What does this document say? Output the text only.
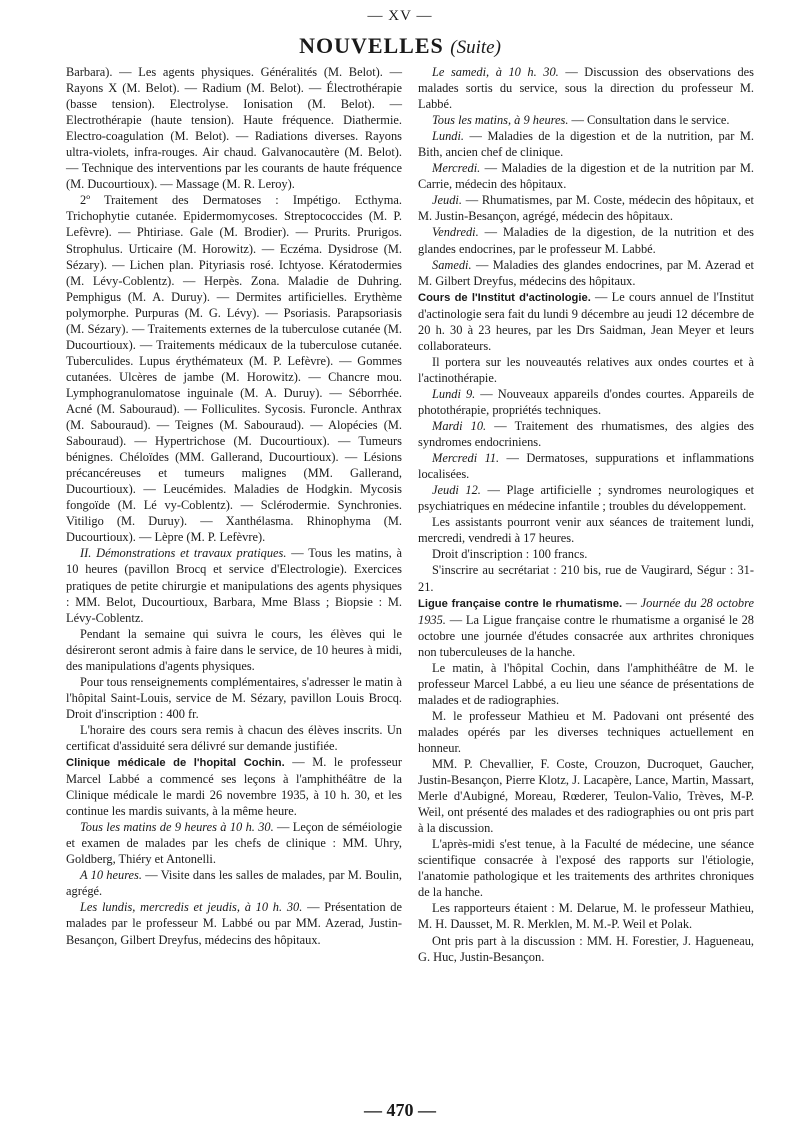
— XV —
NOUVELLES (Suite)

Barbara). — Les agents physiques. Généralités (M. Belot). — Rayons X (M. Belot). — Radium (M. Belot). — Électrothérapie (basse tension). Electrolyse. Ionisation (M. Belot). — Electrothérapie (haute tension). Haute fréquence. Diathermie. Electro-coagulation (M. Belot). — Radiations diverses. Rayons ultra-violets, infra-rouges. Air chaud. Galvanocautère (M. Belot). — Technique des interventions par les courants de haute fréquence (M. Ducourtioux). — Massage (M. R. Leroy).

2º Traitement des Dermatoses : Impétigo. Ecthyma. Trichophytie cutanée. Epidermomycoses. Streptococcides (M. P. Lefèvre). — Phtiriase. Gale (M. Brodier). — Prurits. Prurigos. Strophulus. Urticaire (M. Horowitz). — Eczéma. Dysidrose (M. Sézary). — Lichen plan. Pityriasis rosé. Ichtyose. Kératodermies (M. Lévy-Coblentz). — Herpès. Zona. Maladie de Duhring. Pemphigus (M. A. Duruy). — Dermites artificielles. Erythème polymorphe. Purpuras (M. G. Lévy). — Psoriasis. Parapsoriasis (M. Sézary). — Traitements externes de la tuberculose cutanée (M. Ducourtioux). — Traitements médicaux de la tuberculose cutanée. Tuberculides. Lupus érythémateux (M. P. Lefèvre). — Gommes cutanées. Ulcères de jambe (M. Horowitz). — Chancre mou. Lymphogranulomatose inguinale (M. A. Duruy). — Séborrhée. Acné (M. Sabouraud). — Folliculites. Sycosis. Furoncle. Anthrax (M. Sabouraud). — Teignes (M. Sabouraud). — Alopécies (M. Sabouraud). — Hypertrichose (M. Ducourtioux). — Tumeurs bénignes. Chéloïdes (MM. Gallerand, Ducourtioux). — Lésions précancéreuses et tumeurs malignes (MM. Gallerand, Ducourtioux). — Leucémides. Maladies de Hodgkin. Mycosis fongoïde (M. Lé vy-Coblentz). — Sclérodermie. Synchronies. Vitiligo (M. Duruy). — Xanthélasma. Rhinophyma (M. Ducourtioux). — Lèpre (M. P. Lefèvre).

II. Démonstrations et travaux pratiques. — Tous les matins, à 10 heures (pavillon Brocq et service d'Electrologie). Exercices pratiques de petite chirurgie et manipulations des agents physiques : MM. Belot, Ducourtioux, Barbara, Mme Blass ; Biopsie : M. Lévy-Coblentz.

Pendant la semaine qui suivra le cours, les élèves qui le désireront seront admis à faire dans le service, de 10 heures à midi, des manipulations d'agents physiques.

Pour tous renseignements complémentaires, s'adresser le matin à l'hôpital Saint-Louis, service de M. Sézary, pavillon Louis Brocq. Droit d'inscription : 400 fr.

L'horaire des cours sera remis à chacun des élèves inscrits. Un certificat d'assiduité sera délivré sur demande justifiée.

Clinique médicale de l'hopital Cochin. — M. le professeur Marcel Labbé a commencé ses leçons à l'amphithéâtre de la Clinique médicale le mardi 26 novembre 1935, à 10 h. 30, et les continue les mardis suivants, à la même heure.

Tous les matins de 9 heures à 10 h. 30. — Leçon de séméiologie et examen de malades par les chefs de clinique : MM. Uhry, Goldberg, Thiéry et Antonelli.

A 10 heures. — Visite dans les salles de malades, par M. Boulin, agrégé.

Les lundis, mercredis et jeudis, à 10 h. 30. — Présentation de malades par le professeur M. Labbé ou par MM. Azerad, Justin-Besançon, Gilbert Dreyfus, médecins des hôpitaux.

Le samedi, à 10 h. 30. — Discussion des observations des malades sortis du service, sous la direction du professeur M. Labbé.

Tous les matins, à 9 heures. — Consultation dans le service.

Lundi. — Maladies de la digestion et de la nutrition, par M. Bith, ancien chef de clinique.

Mercredi. — Maladies de la digestion et de la nutrition par M. Carrie, médecin des hôpitaux.

Jeudi. — Rhumatismes, par M. Coste, médecin des hôpitaux, et M. Justin-Besançon, agrégé, médecin des hôpitaux.

Vendredi. — Maladies de la digestion, de la nutrition et des glandes endocrines, par le professeur M. Labbé.

Samedi. — Maladies des glandes endocrines, par M. Azerad et M. Gilbert Dreyfus, médecins des hôpitaux.

Cours de l'Institut d'actinologie. — Le cours annuel de l'Institut d'actinologie sera fait du lundi 9 décembre au jeudi 12 décembre de 20 h. 30 à 23 heures, par les Drs Saidman, Jean Meyer et leurs collaborateurs.

Il portera sur les nouveautés relatives aux ondes courtes et à l'actinothérapie.

Lundi 9. — Nouveaux appareils d'ondes courtes. Appareils de photothérapie, propriétés techniques.

Mardi 10. — Traitement des rhumatismes, des algies des syndromes endocriniens.

Mercredi 11. — Dermatoses, suppurations et inflammations localisées.

Jeudi 12. — Plage artificielle ; syndromes neurologiques et psychiatriques en médecine infantile ; troubles du développement.

Les assistants pourront venir aux séances de traitement lundi, mercredi, vendredi à 17 heures.

Droit d'inscription : 100 francs.

S'inscrire au secrétariat : 210 bis, rue de Vaugirard, Ségur : 31-21.

Ligue française contre le rhumatisme. — Journée du 28 octobre 1935. — La Ligue française contre le rhumatisme a organisé le 28 octobre une journée d'études consacrée aux arthrites chroniques non tuberculeuses de la hanche.

Le matin, à l'hôpital Cochin, dans l'amphithéâtre de M. le professeur Marcel Labbé, a eu lieu une séance de présentations de malades et de radiographies.

M. le professeur Mathieu et M. Padovani ont présenté des malades opérés par les diverses techniques actuellement en honneur.

MM. P. Chevallier, F. Coste, Crouzon, Ducroquet, Gaucher, Justin-Besançon, Pierre Klotz, J. Lacapère, Lance, Martin, Massart, Merle d'Aubigné, Moreau, Rœderer, Teulon-Valio, Trèves, M-P. Weil, ont présenté des malades et des radiographies ou ont pris part à la discussion.

L'après-midi s'est tenue, à la Faculté de médecine, une séance scientifique consacrée à l'exposé des rapports sur l'étiologie, l'anatomie pathologique et les traitements des arthrites chroniques de la hanche.

Les rapporteurs étaient : M. Delarue, M. le professeur Mathieu, M. H. Dausset, M. R. Merklen, M. M.-P. Weil et Polak.

Ont pris part à la discussion : MM. H. Forestier, J. Hagueneau, G. Huc, Justin-Besançon.

— 470 —
